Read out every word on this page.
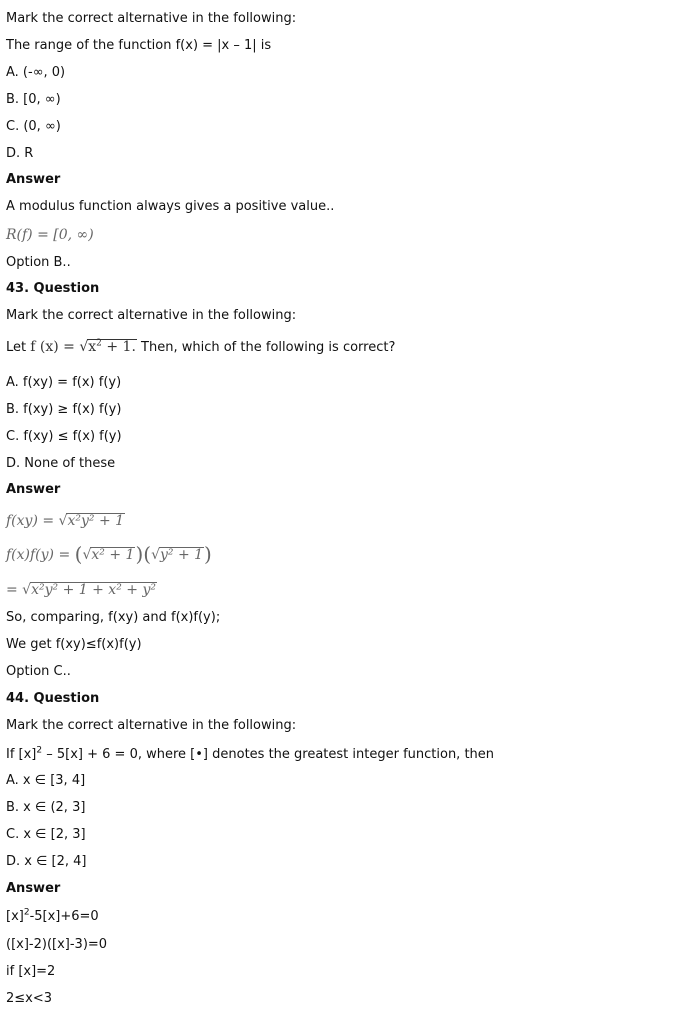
Mark the correct alternative in the following:
The range of the function f(x) = |x – 1| is
A. (-∞, 0)
B. [0, ∞)
C. (0, ∞)
D. R
Answer
A modulus function always gives a positive value..
R(f) = [0, ∞)
Option B..
43. Question
Mark the correct alternative in the following:
Let f $(x) = √x^2 + 1$. Then, which of the following is correct?
A. f(xy) = f(x) f(y)
B. f(xy) ≥ f(x) f(y)
C. f(xy) ≤ f(x) f(y)
D. None of these
Answer
f(xy) = √x²y² + 1
f(x)f(y) = (√x² + 1)(√y² + 1)
= √x²y² + 1 + x² + y²
So, comparing, f(xy) and f(x)f(y);
We get f(xy)≤f(x)f(y)
Option C..
44. Question
Mark the correct alternative in the following:
If $[x]^2 - 5[x] + 6 = 0$, where [•] denotes the greatest integer function, then
A. x ∈ [3, 4]
B. x ∈ (2, 3]
C. x ∈ [2, 3]
D. x ∈ [2, 4]
Answer
$[x]^2-5[x]+6=0$
([x]-2)([x]-3)=0
if [x]=2
2≤x<3
